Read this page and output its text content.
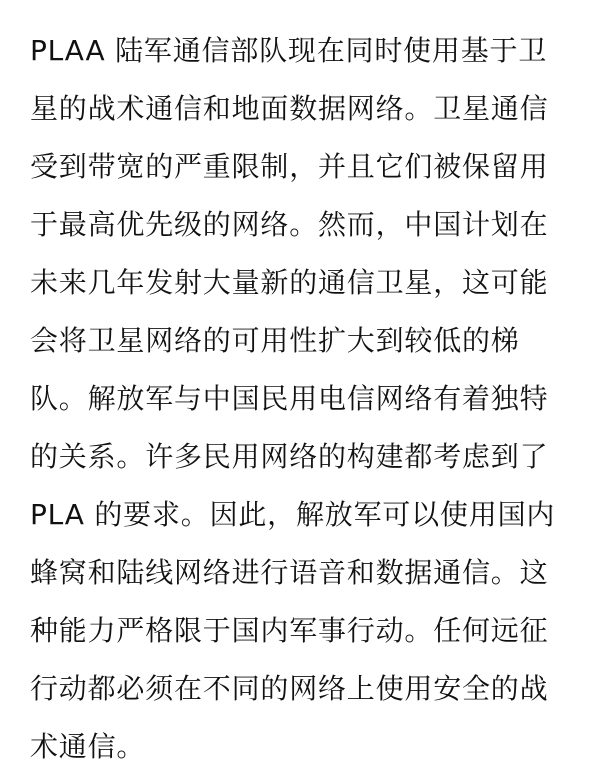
PLAA 陆军通信部队现在同时使用基于卫
星的战术通信和地面数据网络。卫星通信
受到带宽的严重限制，并且它们被保留用
于最高优先级的网络。然而，中国计划在
未来几年发射大量新的通信卫星，这可能
会将卫星网络的可用性扩大到较低的梯
队。解放军与中国民用电信网络有着独特
的关系。许多民用网络的构建都考虑到了
PLA 的要求。因此，解放军可以使用国内
蜂窝和陆线网络进行语音和数据通信。这
种能力严格限于国内军事行动。任何远征
行动都必须在不同的网络上使用安全的战
术通信。
